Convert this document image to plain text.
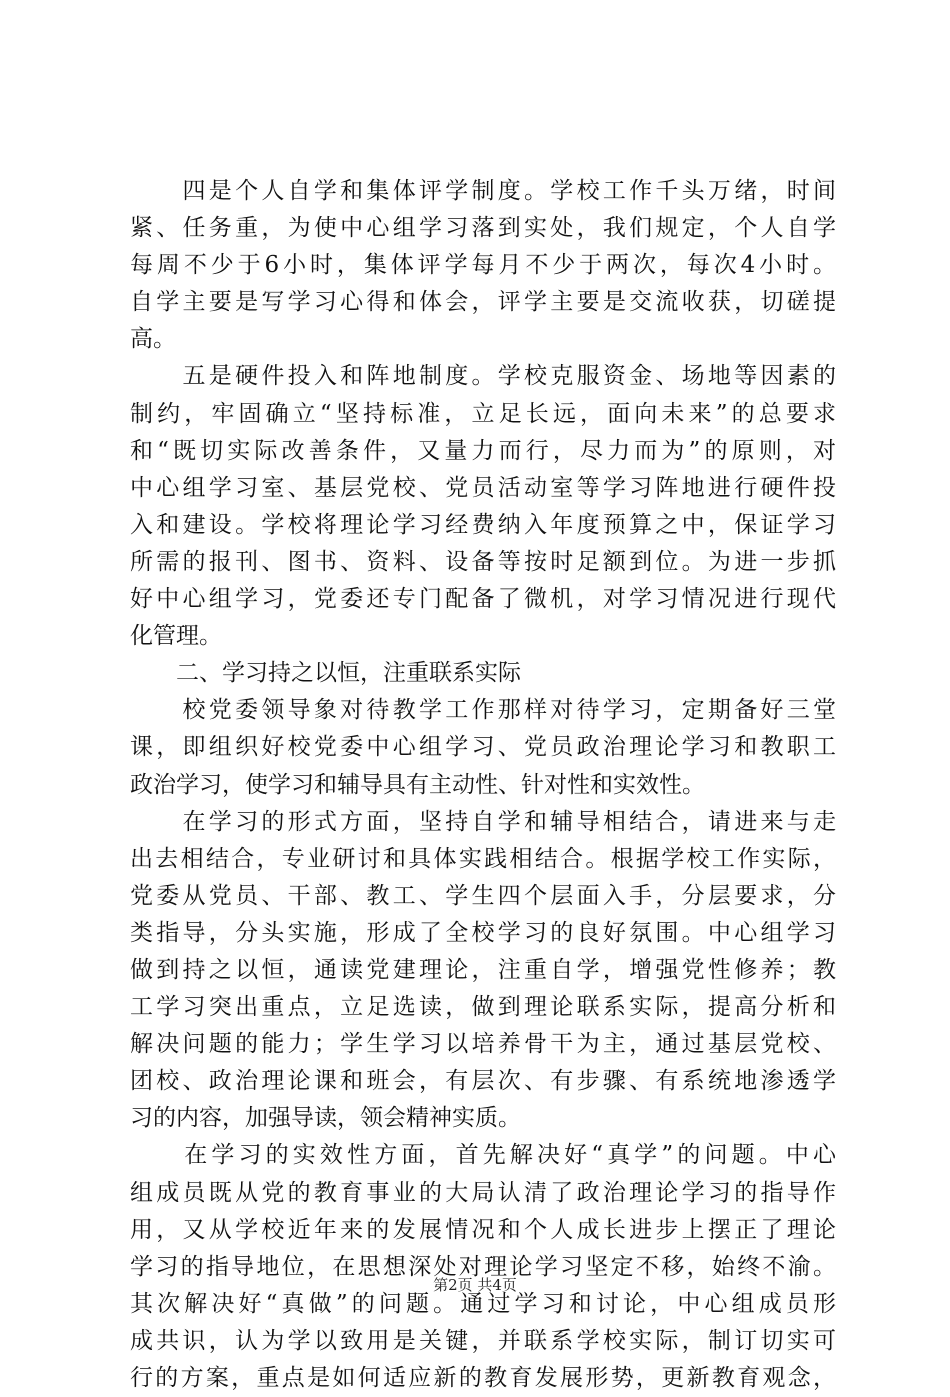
　　四是个人自学和集体评学制度。学校工作千头万绪，时间
紧、任务重，为使中心组学习落到实处，我们规定，个人自学
每周不少于6小时，集体评学每月不少于两次，每次4小时。
自学主要是写学习心得和体会，评学主要是交流收获，切磋提
高。
　　五是硬件投入和阵地制度。学校克服资金、场地等因素的
制约，牢固确立“坚持标准，立足长远，面向未来”的总要求
和“既切实际改善条件，又量力而行，尽力而为”的原则，对
中心组学习室、基层党校、党员活动室等学习阵地进行硬件投
入和建设。学校将理论学习经费纳入年度预算之中，保证学习
所需的报刊、图书、资料、设备等按时足额到位。为进一步抓
好中心组学习，党委还专门配备了微机，对学习情况进行现代
化管理。
　　二、学习持之以恒，注重联系实际
　　校党委领导象对待教学工作那样对待学习，定期备好三堂
课，即组织好校党委中心组学习、党员政治理论学习和教职工
政治学习，使学习和辅导具有主动性、针对性和实效性。
　　在学习的形式方面，坚持自学和辅导相结合，请进来与走
出去相结合，专业研讨和具体实践相结合。根据学校工作实际，
党委从党员、干部、教工、学生四个层面入手，分层要求，分
类指导，分头实施，形成了全校学习的良好氛围。中心组学习
做到持之以恒，通读党建理论，注重自学，增强党性修养；教
工学习突出重点，立足选读，做到理论联系实际，提高分析和
解决问题的能力；学生学习以培养骨干为主，通过基层党校、
团校、政治理论课和班会，有层次、有步骤、有系统地渗透学
习的内容，加强导读，领会精神实质。
　　在学习的实效性方面，首先解决好“真学”的问题。中心
组成员既从党的教育事业的大局认清了政治理论学习的指导作
用，又从学校近年来的发展情况和个人成长进步上摆正了理论
学习的指导地位，在思想深处对理论学习坚定不移，始终不渝。
其次解决好“真做”的问题。通过学习和讨论，中心组成员形
成共识，认为学以致用是关键，并联系学校实际，制订切实可
行的方案，重点是如何适应新的教育发展形势，更新教育观念，
第2页 共4页
